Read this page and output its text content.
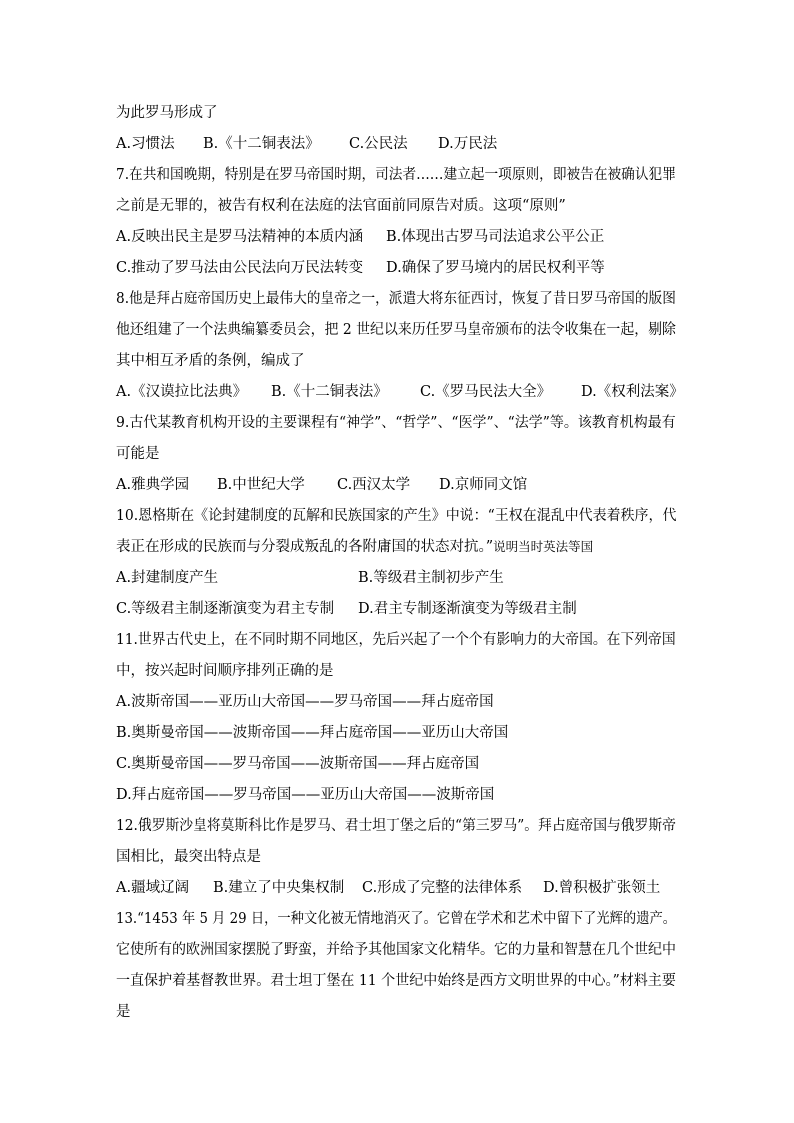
为此罗马形成了
A.习惯法 B.《十二铜表法》 C.公民法 D.万民法
7.在共和国晚期，特别是在罗马帝国时期，司法者……建立起一项原则，即被告在被确认犯罪
之前是无罪的，被告有权利在法庭的法官面前同原告对质。这项“原则”
A.反映出民主是罗马法精神的本质内涵 B.体现出古罗马司法追求公平公正
C.推动了罗马法由公民法向万民法转变 D.确保了罗马境内的居民权利平等
8.他是拜占庭帝国历史上最伟大的皇帝之一，派遣大将东征西讨，恢复了昔日罗马帝国的版图
他还组建了一个法典编纂委员会，把 2 世纪以来历任罗马皇帝颁布的法令收集在一起，剔除
其中相互矛盾的条例，编成了
A.《汉谟拉比法典》 B.《十二铜表法》 C.《罗马民法大全》 D.《权利法案》
9.古代某教育机构开设的主要课程有“神学”、“哲学”、“医学”、“法学”等。该教育机构最有
可能是
A.雅典学园 B.中世纪大学 C.西汉太学 D.京师同文馆
10.恩格斯在《论封建制度的瓦解和民族国家的产生》中说：“王权在混乱中代表着秩序，代
表正在形成的民族而与分裂成叛乱的各附庸国的状态对抗。”说明当时英法等国
A.封建制度产生	B.等级君主制初步产生
C.等级君主制逐渐演变为君主专制 D.君主专制逐渐演变为等级君主制
11.世界古代史上，在不同时期不同地区，先后兴起了一个个有影响力的大帝国。在下列帝国
中，按兴起时间顺序排列正确的是
A.波斯帝国——亚历山大帝国——罗马帝国——拜占庭帝国
B.奥斯曼帝国——波斯帝国——拜占庭帝国——亚历山大帝国
C.奥斯曼帝国——罗马帝国——波斯帝国——拜占庭帝国
D.拜占庭帝国——罗马帝国——亚历山大帝国——波斯帝国
12.俄罗斯沙皇将莫斯科比作是罗马、君士坦丁堡之后的“第三罗马”。拜占庭帝国与俄罗斯帝
国相比，最突出特点是
A.疆域辽阔 B.建立了中央集权制 C.形成了完整的法律体系 D.曾积极扩张领土
13.“1453 年 5 月 29 日，一种文化被无情地消灭了。它曾在学术和艺术中留下了光辉的遗产。
它使所有的欧洲国家摆脱了野蛮，并给予其他国家文化精华。它的力量和智慧在几个世纪中
一直保护着基督教世界。君士坦丁堡在 11 个世纪中始终是西方文明世界的中心。”材料主要
是
